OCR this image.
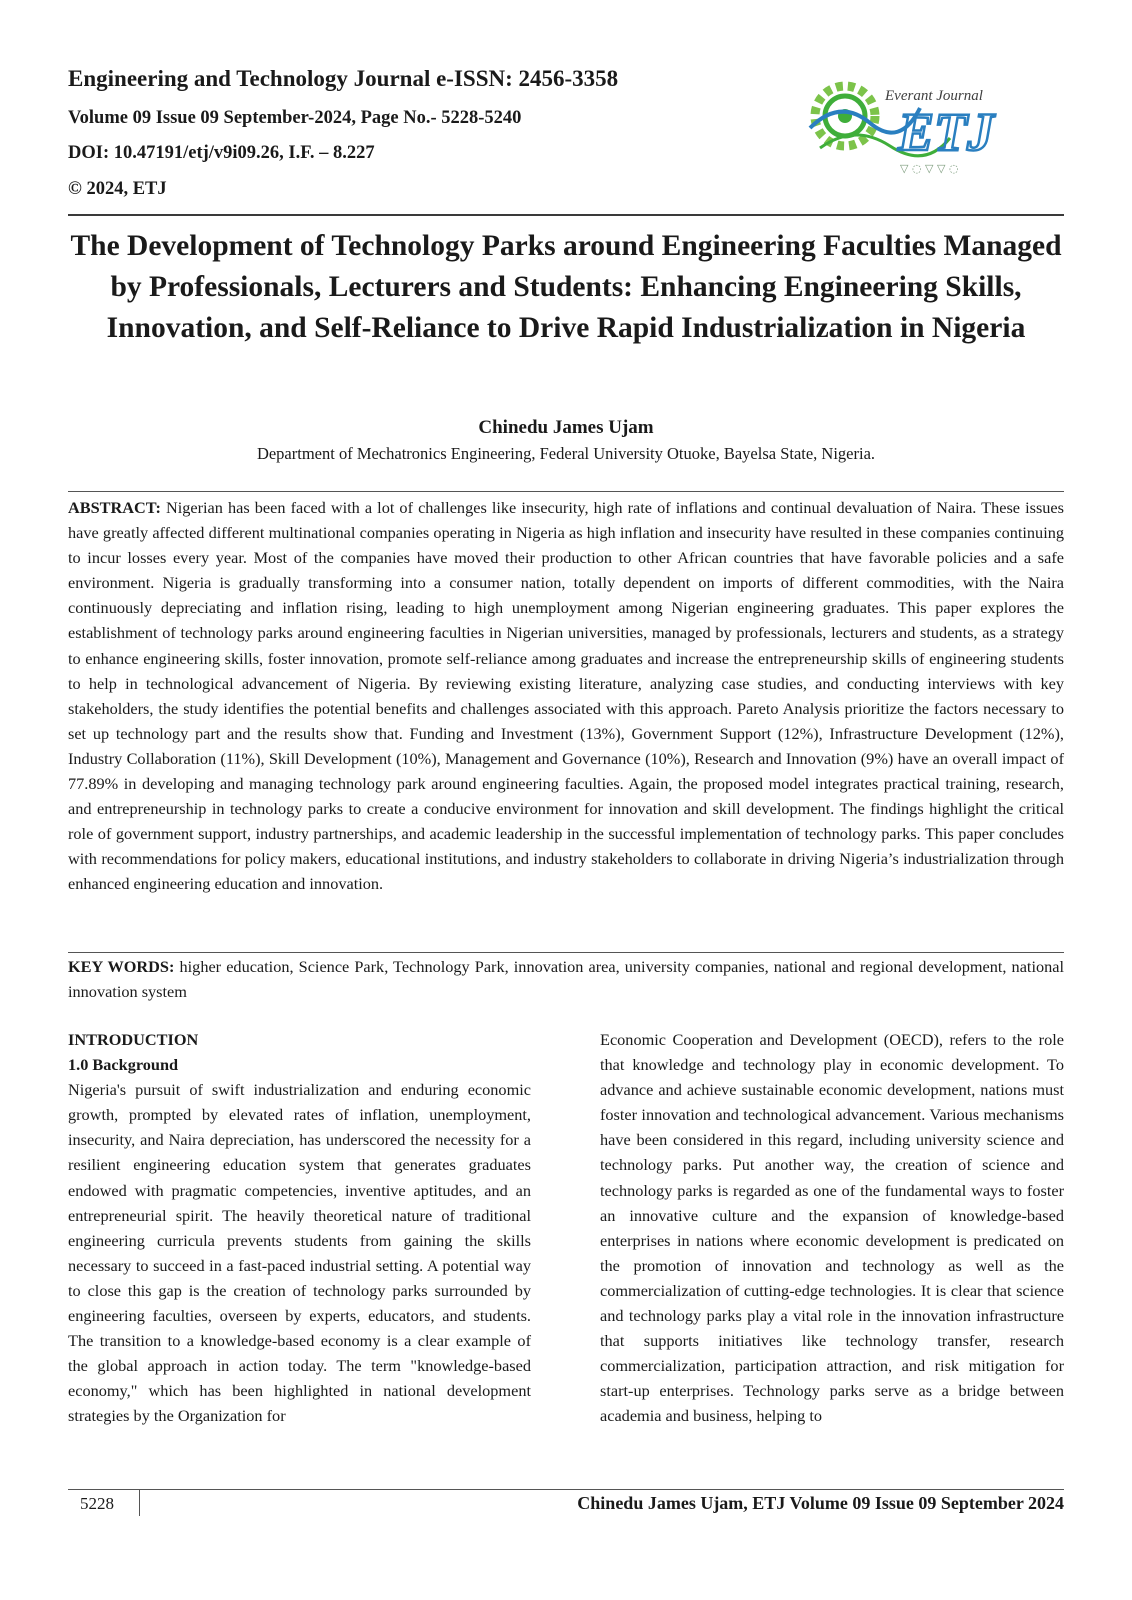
Engineering and Technology Journal e-ISSN: 2456-3358
Volume 09 Issue 09 September-2024, Page No.- 5228-5240
DOI: 10.47191/etj/v9i09.26, I.F. – 8.227
© 2024, ETJ
Everant Journal
ETJ
▽ ◌ ▽ ▽ ◌
The Development of Technology Parks around Engineering Faculties Managed by Professionals, Lecturers and Students: Enhancing Engineering Skills, Innovation, and Self-Reliance to Drive Rapid Industrialization in Nigeria
Chinedu James Ujam
Department of Mechatronics Engineering, Federal University Otuoke, Bayelsa State, Nigeria.

ABSTRACT: Nigerian has been faced with a lot of challenges like insecurity, high rate of inflations and continual devaluation of Naira. These issues have greatly affected different multinational companies operating in Nigeria as high inflation and insecurity have resulted in these companies continuing to incur losses every year. Most of the companies have moved their production to other African countries that have favorable policies and a safe environment. Nigeria is gradually transforming into a consumer nation, totally dependent on imports of different commodities, with the Naira continuously depreciating and inflation rising, leading to high unemployment among Nigerian engineering graduates. This paper explores the establishment of technology parks around engineering faculties in Nigerian universities, managed by professionals, lecturers and students, as a strategy to enhance engineering skills, foster innovation, promote self-reliance among graduates and increase the entrepreneurship skills of engineering students to help in technological advancement of Nigeria. By reviewing existing literature, analyzing case studies, and conducting interviews with key stakeholders, the study identifies the potential benefits and challenges associated with this approach. Pareto Analysis prioritize the factors necessary to set up technology part and the results show that. Funding and Investment (13%), Government Support (12%), Infrastructure Development (12%), Industry Collaboration (11%), Skill Development (10%), Management and Governance (10%), Research and Innovation (9%) have an overall impact of 77.89% in developing and managing technology park around engineering faculties. Again, the proposed model integrates practical training, research, and entrepreneurship in technology parks to create a conducive environment for innovation and skill development. The findings highlight the critical role of government support, industry partnerships, and academic leadership in the successful implementation of technology parks. This paper concludes with recommendations for policy makers, educational institutions, and industry stakeholders to collaborate in driving Nigeria’s industrialization through enhanced engineering education and innovation.

KEY WORDS: higher education, Science Park, Technology Park, innovation area, university companies, national and regional development, national innovation system

INTRODUCTION
1.0 Background

Nigeria's pursuit of swift industrialization and enduring economic growth, prompted by elevated rates of inflation, unemployment, insecurity, and Naira depreciation, has underscored the necessity for a resilient engineering education system that generates graduates endowed with pragmatic competencies, inventive aptitudes, and an entrepreneurial spirit. The heavily theoretical nature of traditional engineering curricula prevents students from gaining the skills necessary to succeed in a fast-paced industrial setting. A potential way to close this gap is the creation of technology parks surrounded by engineering faculties, overseen by experts, educators, and students. The transition to a knowledge-based economy is a clear example of the global approach in action today. The term "knowledge-based economy," which has been highlighted in national development strategies by the Organization for

Economic Cooperation and Development (OECD), refers to the role that knowledge and technology play in economic development. To advance and achieve sustainable economic development, nations must foster innovation and technological advancement. Various mechanisms have been considered in this regard, including university science and technology parks. Put another way, the creation of science and technology parks is regarded as one of the fundamental ways to foster an innovative culture and the expansion of knowledge-based enterprises in nations where economic development is predicated on the promotion of innovation and technology as well as the commercialization of cutting-edge technologies. It is clear that science and technology parks play a vital role in the innovation infrastructure that supports initiatives like technology transfer, research commercialization, participation attraction, and risk mitigation for start-up enterprises. Technology parks serve as a bridge between academia and business, helping to

5228	Chinedu James Ujam, ETJ Volume 09 Issue 09 September 2024
